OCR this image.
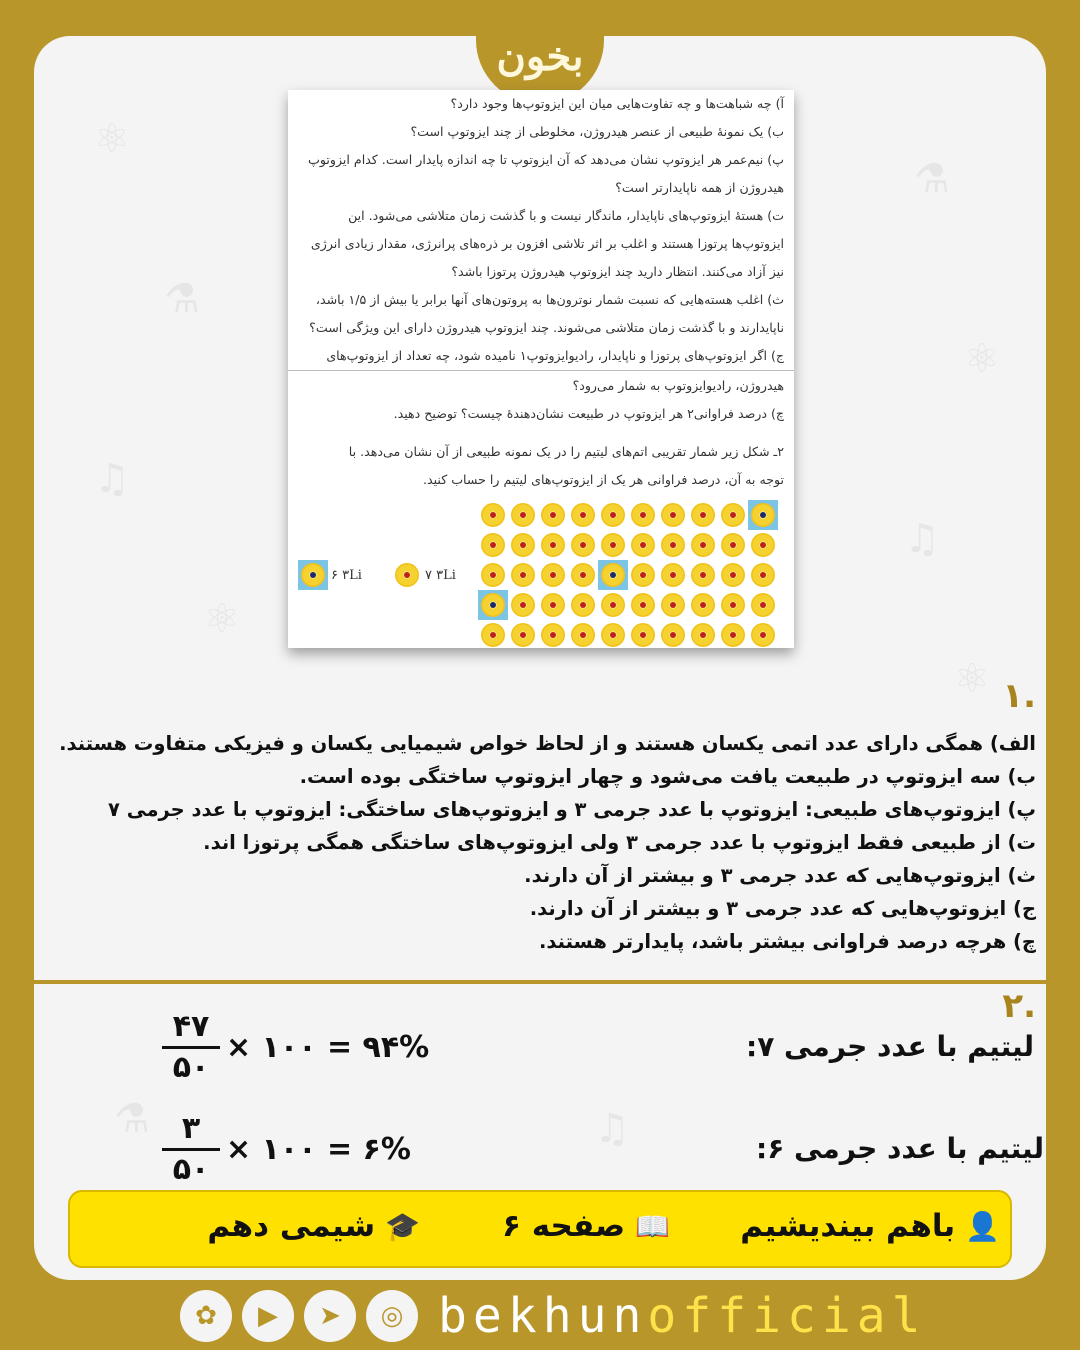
⚛
⚗
♫
⚛
⚗
⚛
♫
⚛
⚗	♫
بخون
آ) چه شباهت‌ها و چه تفاوت‌هایی میان این ایزوتوپ‌ها وجود دارد؟
ب) یک نمونهٔ طبیعی از عنصر هیدروژن، مخلوطی از چند ایزوتوپ است؟
پ) نیم‌عمر هر ایزوتوپ نشان می‌دهد که آن ایزوتوپ تا چه اندازه پایدار است. کدام ایزوتوپ
هیدروژن از همه ناپایدارتر است؟
ت) هستهٔ ایزوتوپ‌های ناپایدار، ماندگار نیست و با گذشت زمان متلاشی می‌شود. این
ایزوتوپ‌ها پرتوزا هستند و اغلب بر اثر تلاشی افزون بر ذره‌های پرانرژی، مقدار زیادی انرژی
نیز آزاد می‌کنند. انتظار دارید چند ایزوتوپ هیدروژن پرتوزا باشد؟
ث) اغلب هسته‌هایی که نسبت شمار نوترون‌ها به پروتون‌های آنها برابر یا بیش از ۱/۵ باشد،
ناپایدارند و با گذشت زمان متلاشی می‌شوند. چند ایزوتوپ هیدروژن دارای این ویژگی است؟
ج) اگر ایزوتوپ‌های پرتوزا و ناپایدار، رادیوایزوتوپ۱ نامیده شود، چه تعداد از ایزوتوپ‌های
هیدروژن، رادیوایزوتوپ به شمار می‌رود؟
چ) درصد فراوانی۲ هر ایزوتوپ در طبیعت نشان‌دهندهٔ چیست؟ توضیح دهید.
۲ـ شکل زیر شمار تقریبی اتم‌های لیتیم را در یک نمونه طبیعی از آن نشان می‌دهد. با
توجه به آن، درصد فراوانی هر یک از ایزوتوپ‌های لیتیم را حساب کنید.
۶ ۳Li	۷ ۳Li
.۱
الف) همگی دارای عدد اتمی یکسان هستند و از لحاظ خواص شیمیایی یکسان و فیزیکی متفاوت هستند.
ب) سه ایزوتوپ در طبیعت یافت می‌شود و چهار ایزوتوپ ساختگی بوده است.
پ) ایزوتوپ‌های طبیعی: ایزوتوپ با عدد جرمی ۳ و ایزوتوپ‌های ساختگی: ایزوتوپ با عدد جرمی ۷
ت) از طبیعی فقط ایزوتوپ با عدد جرمی ۳ ولی ایزوتوپ‌های ساختگی همگی پرتوزا اند.
ث) ایزوتوپ‌هایی که عدد جرمی ۳ و بیشتر از آن دارند.
ج) ایزوتوپ‌هایی که عدد جرمی ۳ و بیشتر از آن دارند.
چ) هرچه درصد فراوانی بیشتر باشد، پایدارتر هستند.
.۲
لیتیم با عدد جرمی ۷:
$\frac{۴۷}{۵۰}$ × ۱۰۰ = ۹۴%
لیتیم با عدد جرمی ۶:
$\frac{۳}{۵۰}$ × ۱۰۰ = ۶%
👤
باهم بیندیشیم
📖
صفحه ۶
🎓
شیمی دهم
✿	▶	➤	◎ bekhunofficial
